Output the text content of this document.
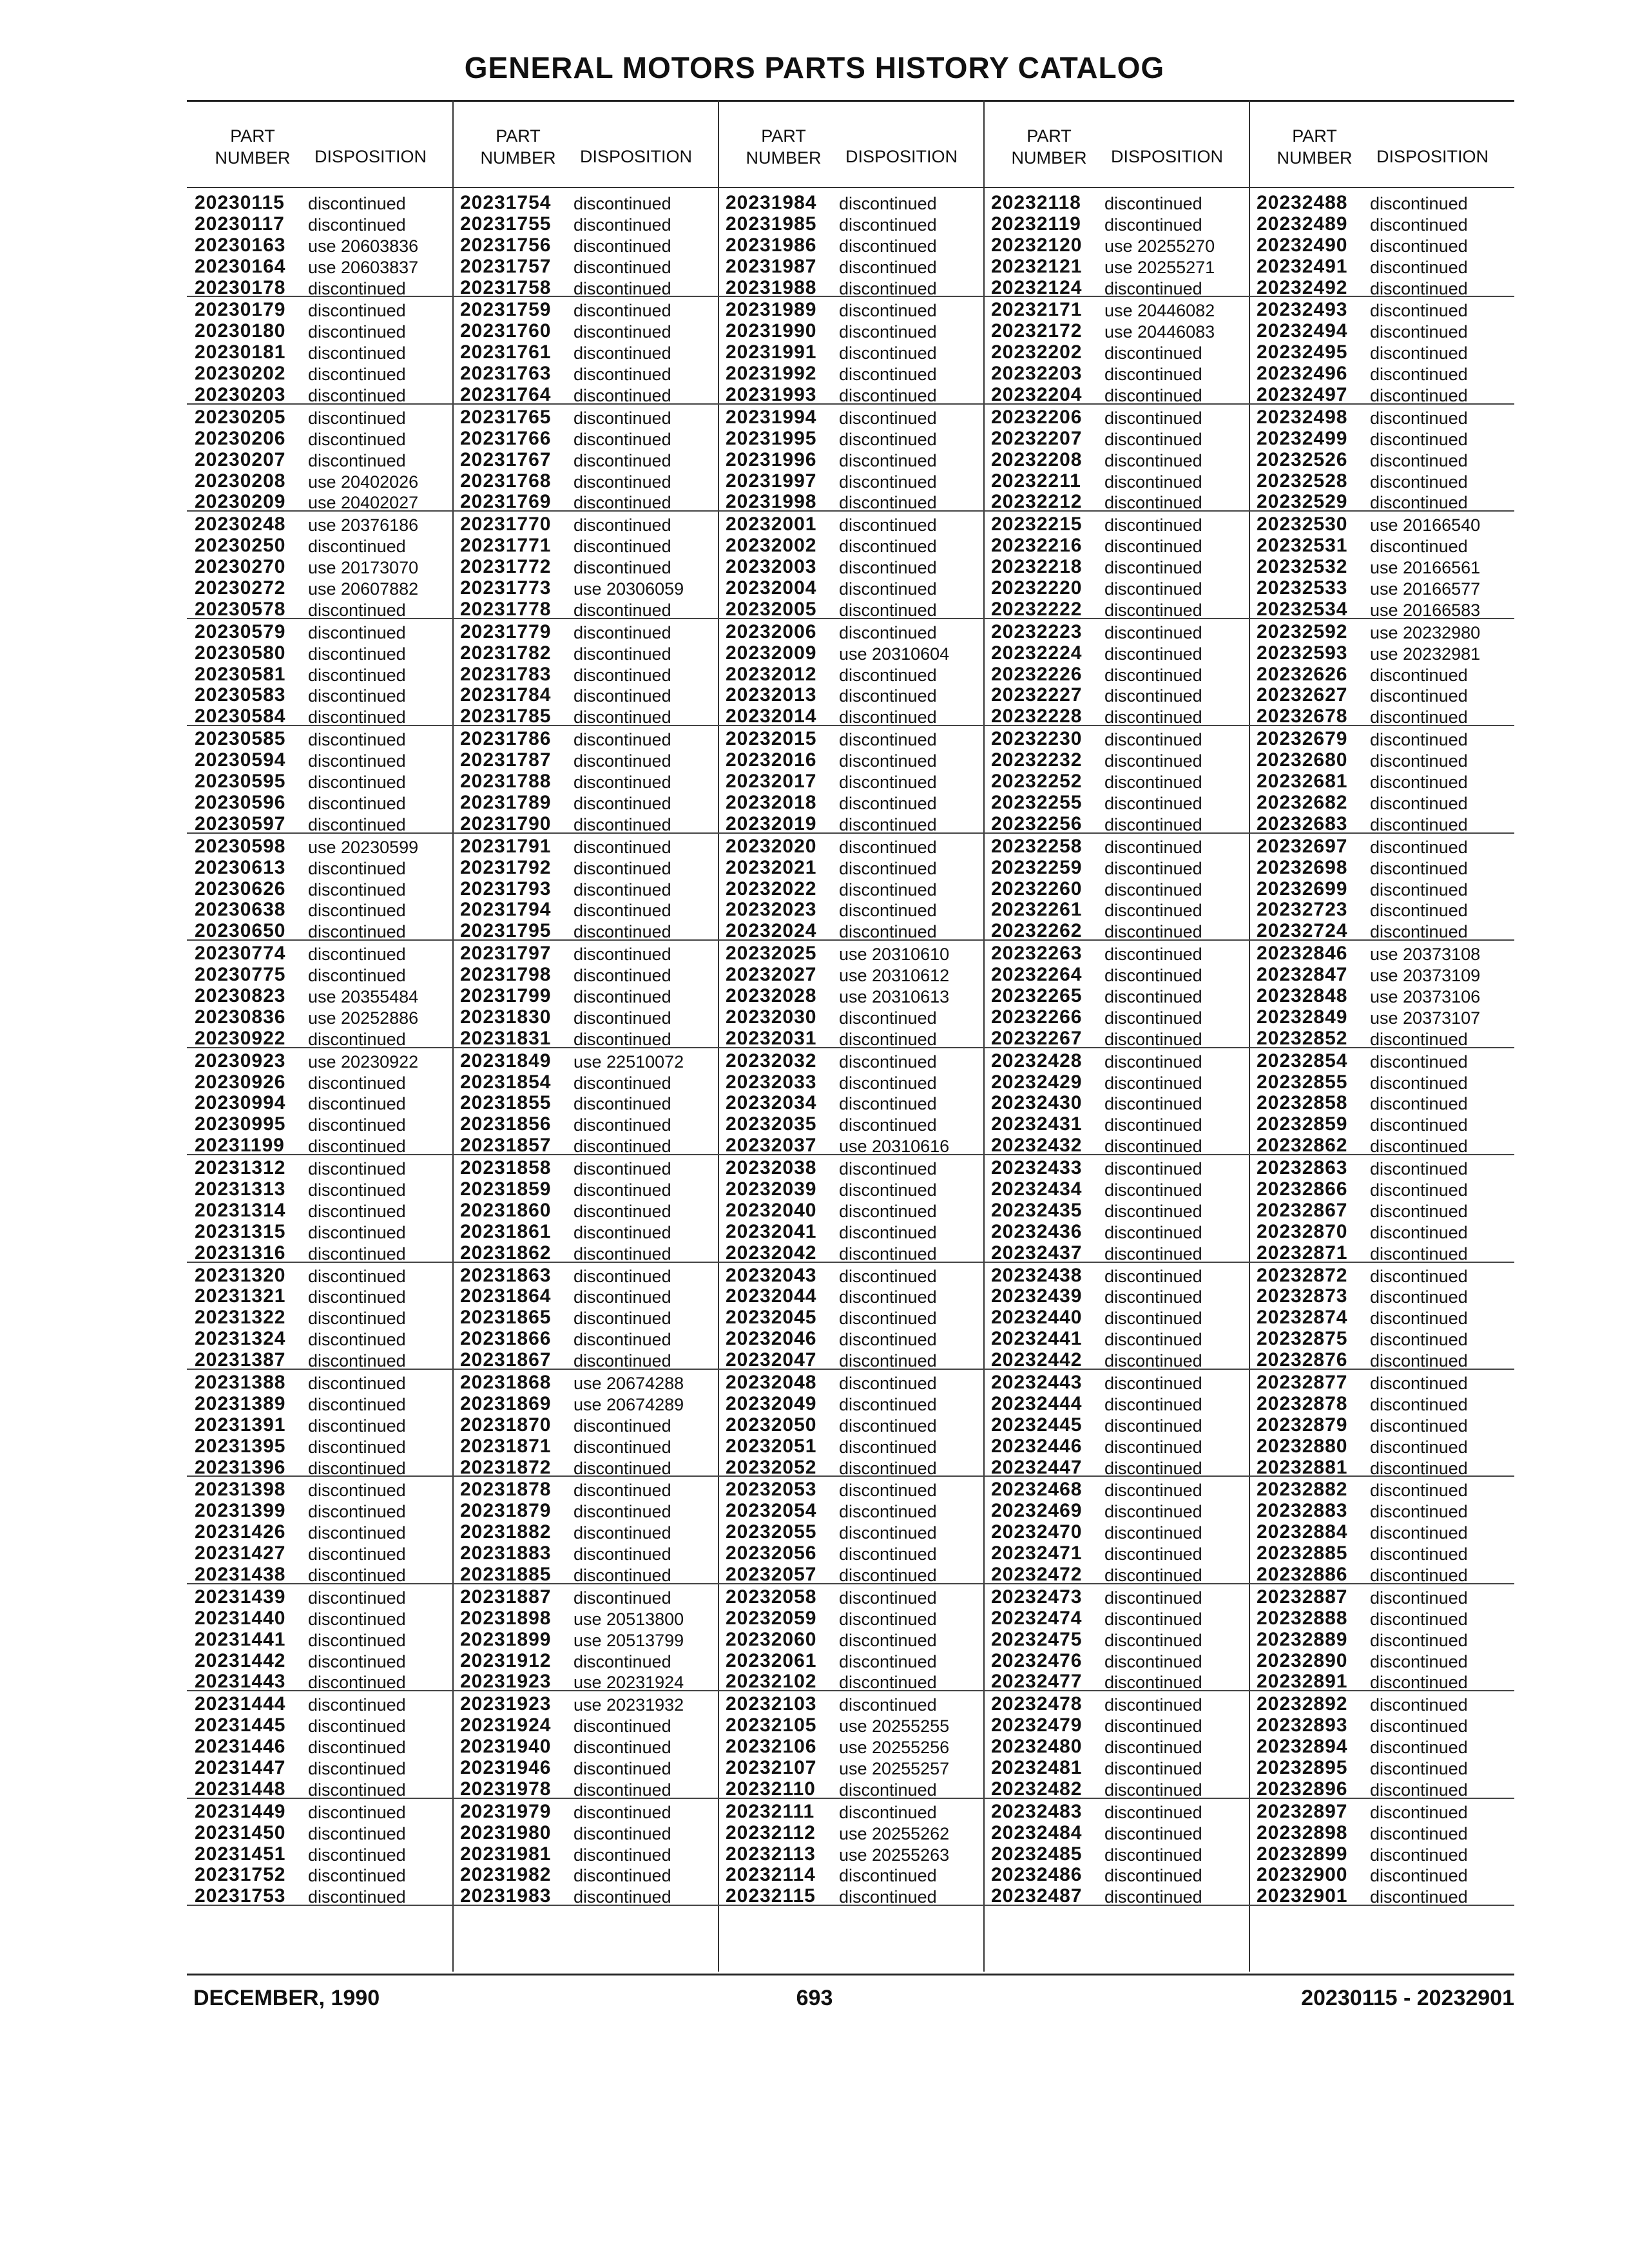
GENERAL MOTORS PARTS HISTORY CATALOG
PART
NUMBER DISPOSITION
PART
NUMBER DISPOSITION
PART
NUMBER DISPOSITION
PART
NUMBER DISPOSITION
PART
NUMBER DISPOSITION
20230115 discontinued
20230117 discontinued
20230163 use 20603836
20230164 use 20603837
20230178 discontinued
20230179 discontinued
20230180 discontinued
20230181 discontinued
20230202 discontinued
20230203 discontinued
20230205 discontinued
20230206 discontinued
20230207 discontinued
20230208 use 20402026
20230209 use 20402027
20230248 use 20376186
20230250 discontinued
20230270 use 20173070
20230272 use 20607882
20230578 discontinued
20230579 discontinued
20230580 discontinued
20230581 discontinued
20230583 discontinued
20230584 discontinued
20230585 discontinued
20230594 discontinued
20230595 discontinued
20230596 discontinued
20230597 discontinued
20230598 use 20230599
20230613 discontinued
20230626 discontinued
20230638 discontinued
20230650 discontinued
20230774 discontinued
20230775 discontinued
20230823 use 20355484
20230836 use 20252886
20230922 discontinued
20230923 use 20230922
20230926 discontinued
20230994 discontinued
20230995 discontinued
20231199 discontinued
20231312 discontinued
20231313 discontinued
20231314 discontinued
20231315 discontinued
20231316 discontinued
20231320 discontinued
20231321 discontinued
20231322 discontinued
20231324 discontinued
20231387 discontinued
20231388 discontinued
20231389 discontinued
20231391 discontinued
20231395 discontinued
20231396 discontinued
20231398 discontinued
20231399 discontinued
20231426 discontinued
20231427 discontinued
20231438 discontinued
20231439 discontinued
20231440 discontinued
20231441 discontinued
20231442 discontinued
20231443 discontinued
20231444 discontinued
20231445 discontinued
20231446 discontinued
20231447 discontinued
20231448 discontinued
20231449 discontinued
20231450 discontinued
20231451 discontinued
20231752 discontinued
20231753 discontinued
20231754 discontinued
20231755 discontinued
20231756 discontinued
20231757 discontinued
20231758 discontinued
20231759 discontinued
20231760 discontinued
20231761 discontinued
20231763 discontinued
20231764 discontinued
20231765 discontinued
20231766 discontinued
20231767 discontinued
20231768 discontinued
20231769 discontinued
20231770 discontinued
20231771 discontinued
20231772 discontinued
20231773 use 20306059
20231778 discontinued
20231779 discontinued
20231782 discontinued
20231783 discontinued
20231784 discontinued
20231785 discontinued
20231786 discontinued
20231787 discontinued
20231788 discontinued
20231789 discontinued
20231790 discontinued
20231791 discontinued
20231792 discontinued
20231793 discontinued
20231794 discontinued
20231795 discontinued
20231797 discontinued
20231798 discontinued
20231799 discontinued
20231830 discontinued
20231831 discontinued
20231849 use 22510072
20231854 discontinued
20231855 discontinued
20231856 discontinued
20231857 discontinued
20231858 discontinued
20231859 discontinued
20231860 discontinued
20231861 discontinued
20231862 discontinued
20231863 discontinued
20231864 discontinued
20231865 discontinued
20231866 discontinued
20231867 discontinued
20231868 use 20674288
20231869 use 20674289
20231870 discontinued
20231871 discontinued
20231872 discontinued
20231878 discontinued
20231879 discontinued
20231882 discontinued
20231883 discontinued
20231885 discontinued
20231887 discontinued
20231898 use 20513800
20231899 use 20513799
20231912 discontinued
20231923 use 20231924
20231923 use 20231932
20231924 discontinued
20231940 discontinued
20231946 discontinued
20231978 discontinued
20231979 discontinued
20231980 discontinued
20231981 discontinued
20231982 discontinued
20231983 discontinued
20231984 discontinued
20231985 discontinued
20231986 discontinued
20231987 discontinued
20231988 discontinued
20231989 discontinued
20231990 discontinued
20231991 discontinued
20231992 discontinued
20231993 discontinued
20231994 discontinued
20231995 discontinued
20231996 discontinued
20231997 discontinued
20231998 discontinued
20232001 discontinued
20232002 discontinued
20232003 discontinued
20232004 discontinued
20232005 discontinued
20232006 discontinued
20232009 use 20310604
20232012 discontinued
20232013 discontinued
20232014 discontinued
20232015 discontinued
20232016 discontinued
20232017 discontinued
20232018 discontinued
20232019 discontinued
20232020 discontinued
20232021 discontinued
20232022 discontinued
20232023 discontinued
20232024 discontinued
20232025 use 20310610
20232027 use 20310612
20232028 use 20310613
20232030 discontinued
20232031 discontinued
20232032 discontinued
20232033 discontinued
20232034 discontinued
20232035 discontinued
20232037 use 20310616
20232038 discontinued
20232039 discontinued
20232040 discontinued
20232041 discontinued
20232042 discontinued
20232043 discontinued
20232044 discontinued
20232045 discontinued
20232046 discontinued
20232047 discontinued
20232048 discontinued
20232049 discontinued
20232050 discontinued
20232051 discontinued
20232052 discontinued
20232053 discontinued
20232054 discontinued
20232055 discontinued
20232056 discontinued
20232057 discontinued
20232058 discontinued
20232059 discontinued
20232060 discontinued
20232061 discontinued
20232102 discontinued
20232103 discontinued
20232105 use 20255255
20232106 use 20255256
20232107 use 20255257
20232110 discontinued
20232111 discontinued
20232112 use 20255262
20232113 use 20255263
20232114 discontinued
20232115 discontinued
20232118 discontinued
20232119 discontinued
20232120 use 20255270
20232121 use 20255271
20232124 discontinued
20232171 use 20446082
20232172 use 20446083
20232202 discontinued
20232203 discontinued
20232204 discontinued
20232206 discontinued
20232207 discontinued
20232208 discontinued
20232211 discontinued
20232212 discontinued
20232215 discontinued
20232216 discontinued
20232218 discontinued
20232220 discontinued
20232222 discontinued
20232223 discontinued
20232224 discontinued
20232226 discontinued
20232227 discontinued
20232228 discontinued
20232230 discontinued
20232232 discontinued
20232252 discontinued
20232255 discontinued
20232256 discontinued
20232258 discontinued
20232259 discontinued
20232260 discontinued
20232261 discontinued
20232262 discontinued
20232263 discontinued
20232264 discontinued
20232265 discontinued
20232266 discontinued
20232267 discontinued
20232428 discontinued
20232429 discontinued
20232430 discontinued
20232431 discontinued
20232432 discontinued
20232433 discontinued
20232434 discontinued
20232435 discontinued
20232436 discontinued
20232437 discontinued
20232438 discontinued
20232439 discontinued
20232440 discontinued
20232441 discontinued
20232442 discontinued
20232443 discontinued
20232444 discontinued
20232445 discontinued
20232446 discontinued
20232447 discontinued
20232468 discontinued
20232469 discontinued
20232470 discontinued
20232471 discontinued
20232472 discontinued
20232473 discontinued
20232474 discontinued
20232475 discontinued
20232476 discontinued
20232477 discontinued
20232478 discontinued
20232479 discontinued
20232480 discontinued
20232481 discontinued
20232482 discontinued
20232483 discontinued
20232484 discontinued
20232485 discontinued
20232486 discontinued
20232487 discontinued
20232488 discontinued
20232489 discontinued
20232490 discontinued
20232491 discontinued
20232492 discontinued
20232493 discontinued
20232494 discontinued
20232495 discontinued
20232496 discontinued
20232497 discontinued
20232498 discontinued
20232499 discontinued
20232526 discontinued
20232528 discontinued
20232529 discontinued
20232530 use 20166540
20232531 discontinued
20232532 use 20166561
20232533 use 20166577
20232534 use 20166583
20232592 use 20232980
20232593 use 20232981
20232626 discontinued
20232627 discontinued
20232678 discontinued
20232679 discontinued
20232680 discontinued
20232681 discontinued
20232682 discontinued
20232683 discontinued
20232697 discontinued
20232698 discontinued
20232699 discontinued
20232723 discontinued
20232724 discontinued
20232846 use 20373108
20232847 use 20373109
20232848 use 20373106
20232849 use 20373107
20232852 discontinued
20232854 discontinued
20232855 discontinued
20232858 discontinued
20232859 discontinued
20232862 discontinued
20232863 discontinued
20232866 discontinued
20232867 discontinued
20232870 discontinued
20232871 discontinued
20232872 discontinued
20232873 discontinued
20232874 discontinued
20232875 discontinued
20232876 discontinued
20232877 discontinued
20232878 discontinued
20232879 discontinued
20232880 discontinued
20232881 discontinued
20232882 discontinued
20232883 discontinued
20232884 discontinued
20232885 discontinued
20232886 discontinued
20232887 discontinued
20232888 discontinued
20232889 discontinued
20232890 discontinued
20232891 discontinued
20232892 discontinued
20232893 discontinued
20232894 discontinued
20232895 discontinued
20232896 discontinued
20232897 discontinued
20232898 discontinued
20232899 discontinued
20232900 discontinued
20232901 discontinued
DECEMBER, 1990	693	20230115 - 20232901
